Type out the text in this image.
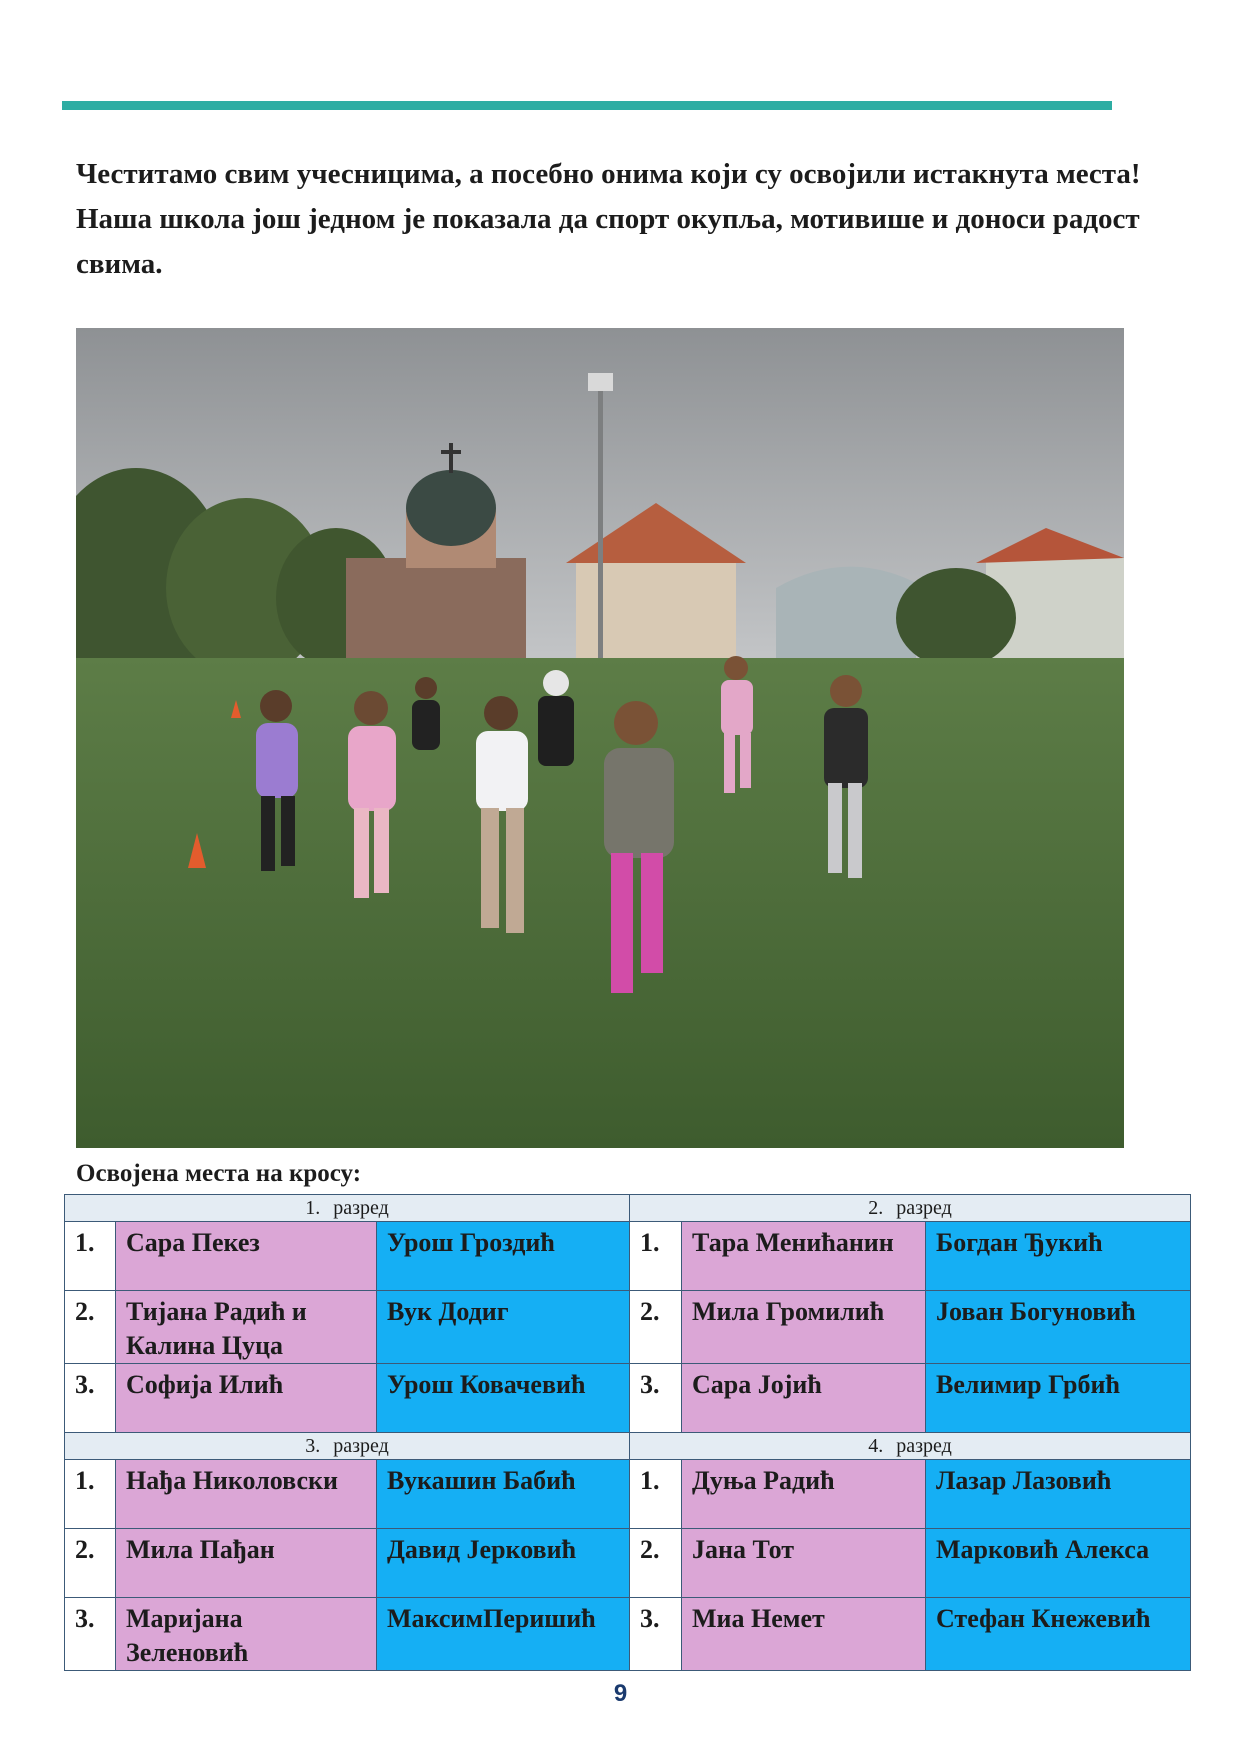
Честитамо свим учесницима, а посебно онима који су освојили истакнута места! Наша школа још једном је показала да спорт окупља, мотивише и доноси радост свима.

Освојена места на кросу:

1. разред			2. разред		
1.	Сара Пекез	Урош Гроздић	1.	Тара Менићанин	Богдан Ђукић
2.	Тијана Радић и Калина Цуца	Вук Додиг	2.	Мила Громилић	Јован Богуновић
3.	Софија Илић	Урош Ковачевић	3.	Сара Јојић	Велимир Грбић
3. разред			4. разред		
1.	Нађа Николовски	Вукашин Бабић	1.	Дуња Радић	Лазар Лазовић
2.	Мила Пађан	Давид Јерковић	2.	Јана Тот	Марковић Алекса
3.	Маријана Зеленовић	МаксимПеришић	3.	Миа Немет	Стефан Кнежевић
9
